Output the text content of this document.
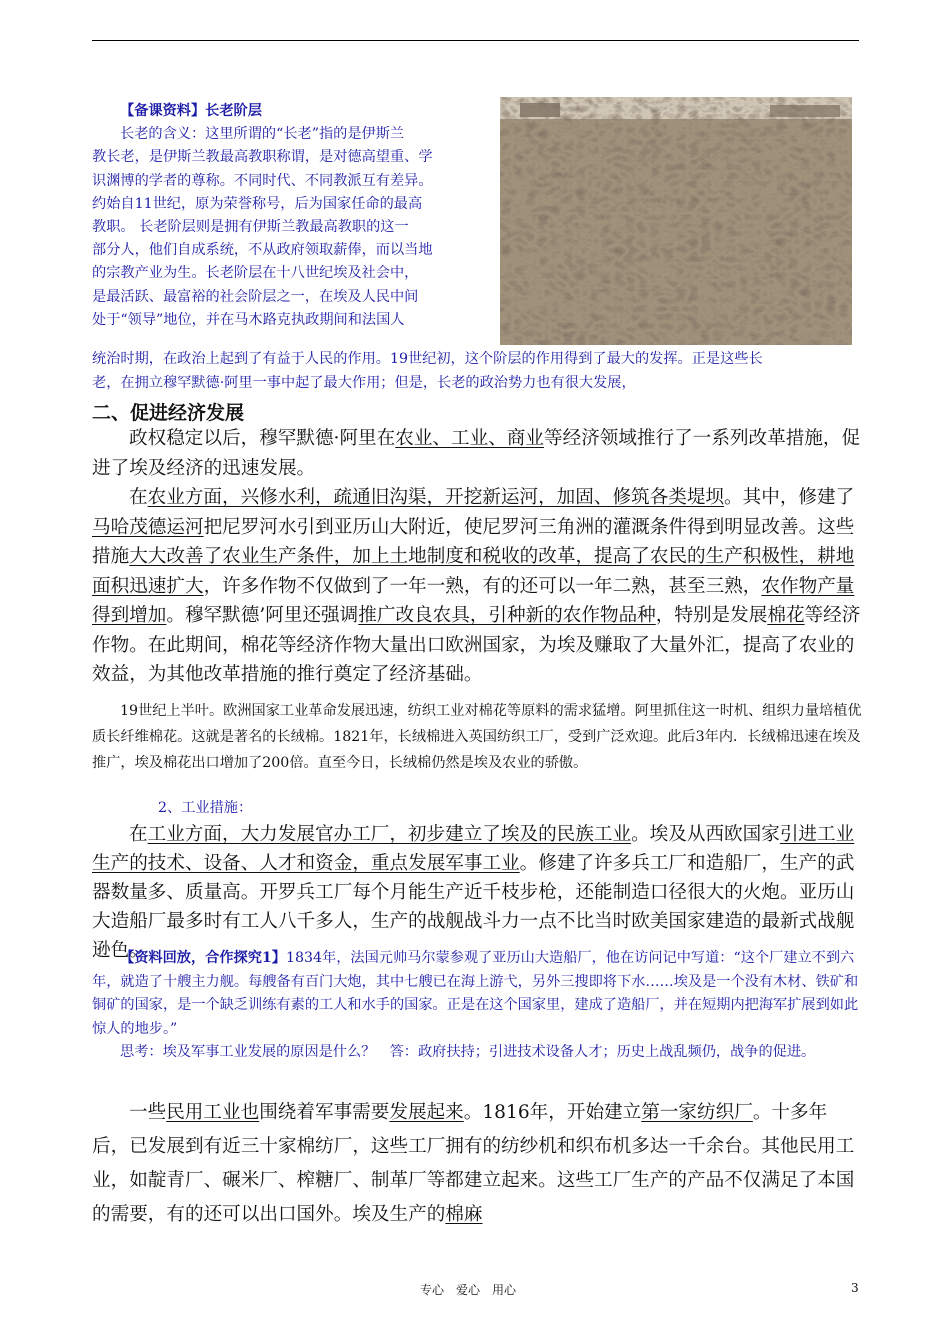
【备课资料】长老阶层
长老的含义：这里所谓的“长老”指的是伊斯兰
教长老，是伊斯兰教最高教职称谓，是对德高望重、学
识渊博的学者的尊称。不同时代、不同教派互有差异。
约始自11世纪，原为荣誉称号，后为国家任命的最高
教职。 长老阶层则是拥有伊斯兰教最高教职的这一
部分人，他们自成系统，不从政府领取薪俸，而以当地
的宗教产业为生。长老阶层在十八世纪埃及社会中，
是最活跃、最富裕的社会阶层之一，在埃及人民中间
处于“领导”地位，并在马木路克执政期间和法国人
统治时期，在政治上起到了有益于人民的作用。19世纪初，这个阶层的作用得到了最大的发挥。正是这些长
老，在拥立穆罕默德·阿里一事中起了最大作用；但是，长老的政治势力也有很大发展，
二、促进经济发展

政权稳定以后，穆罕默德·阿里在农业、工业、商业等经济领域推行了一系列改革措施，促进了埃及经济的迅速发展。

在农业方面，兴修水利，疏通旧沟渠，开挖新运河，加固、修筑各类堤坝。其中，修建了马哈茂德运河把尼罗河水引到亚历山大附近，使尼罗河三角洲的灌溉条件得到明显改善。这些措施大大改善了农业生产条件，加上土地制度和税收的改革，提高了农民的生产积极性，耕地面积迅速扩大，许多作物不仅做到了一年一熟，有的还可以一年二熟，甚至三熟，农作物产量得到增加。穆罕默德’阿里还强调推广改良农具，引种新的农作物品种，特别是发展棉花等经济作物。在此期间，棉花等经济作物大量出口欧洲国家，为埃及赚取了大量外汇，提高了农业的效益，为其他改革措施的推行奠定了经济基础。

19世纪上半叶。欧洲国家工业革命发展迅速，纺织工业对棉花等原料的需求猛增。阿里抓住这一时机、组织力量培植优质长纤维棉花。这就是著名的长绒棉。1821年，长绒棉进入英国纺织工厂，受到广泛欢迎。此后3年内．长绒棉迅速在埃及推广，埃及棉花出口增加了200倍。直至今日，长绒棉仍然是埃及农业的骄傲。

2、工业措施：

在工业方面，大力发展官办工厂，初步建立了埃及的民族工业。埃及从西欧国家引进工业生产的技术、设备、人才和资金，重点发展军事工业。修建了许多兵工厂和造船厂，生产的武器数量多、质量高。开罗兵工厂每个月能生产近千枝步枪，还能制造口径很大的火炮。亚历山大造船厂最多时有工人八千多人，生产的战舰战斗力一点不比当时欧美国家建造的最新式战舰逊色。

【资料回放，合作探究1】1834年，法国元帅马尔蒙参观了亚历山大造船厂，他在访问记中写道：“这个厂建立不到六年，就造了十艘主力舰。每艘备有百门大炮，其中七艘已在海上游弋，另外三搜即将下水……埃及是一个没有木材、铁矿和铜矿的国家，是一个缺乏训练有素的工人和水手的国家。正是在这个国家里，建成了造船厂，并在短期内把海军扩展到如此惊人的地步。”

思考：埃及军事工业发展的原因是什么？　答：政府扶持；引进技术设备人才；历史上战乱频仍，战争的促进。

一些民用工业也围绕着军事需要发展起来。1816年，开始建立第一家纺织厂。十多年后，已发展到有近三十家棉纺厂，这些工厂拥有的纺纱机和织布机多达一千余台。其他民用工业，如靛青厂、碾米厂、榨糖厂、制革厂等都建立起来。这些工厂生产的产品不仅满足了本国的需要，有的还可以出口国外。埃及生产的棉麻

专心　爱心　用心	3
